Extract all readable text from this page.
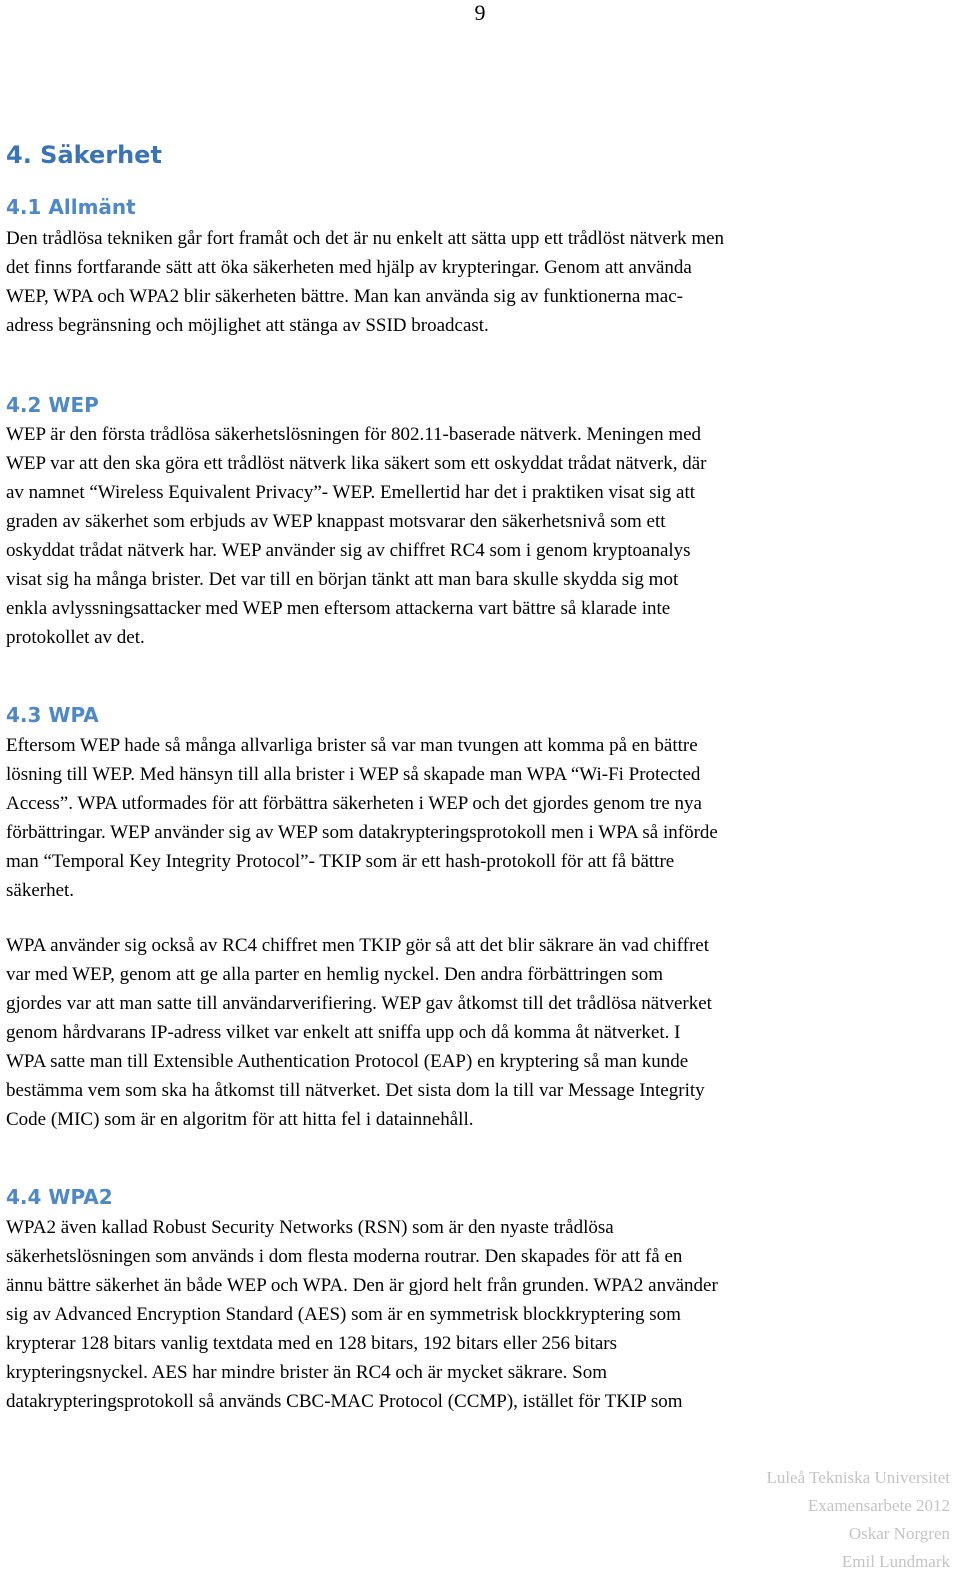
9
4. Säkerhet
4.1 Allmänt

Den trådlösa tekniken går fort framåt och det är nu enkelt att sätta upp ett trådlöst nätverk men
det finns fortfarande sätt att öka säkerheten med hjälp av krypteringar. Genom att använda
WEP, WPA och WPA2 blir säkerheten bättre. Man kan använda sig av funktionerna mac-
adress begränsning och möjlighet att stänga av SSID broadcast.

4.2 WEP

WEP är den första trådlösa säkerhetslösningen för 802.11-baserade nätverk. Meningen med
WEP var att den ska göra ett trådlöst nätverk lika säkert som ett oskyddat trådat nätverk, där
av namnet “Wireless Equivalent Privacy”- WEP. Emellertid har det i praktiken visat sig att
graden av säkerhet som erbjuds av WEP knappast motsvarar den säkerhetsnivå som ett
oskyddat trådat nätverk har. WEP använder sig av chiffret RC4 som i genom kryptoanalys
visat sig ha många brister. Det var till en början tänkt att man bara skulle skydda sig mot
enkla avlyssningsattacker med WEP men eftersom attackerna vart bättre så klarade inte
protokollet av det.

4.3 WPA

Eftersom WEP hade så många allvarliga brister så var man tvungen att komma på en bättre
lösning till WEP. Med hänsyn till alla brister i WEP så skapade man WPA “Wi-Fi Protected
Access”. WPA utformades för att förbättra säkerheten i WEP och det gjordes genom tre nya
förbättringar. WEP använder sig av WEP som datakrypteringsprotokoll men i WPA så införde
man “Temporal Key Integrity Protocol”- TKIP som är ett hash-protokoll för att få bättre
säkerhet.

WPA använder sig också av RC4 chiffret men TKIP gör så att det blir säkrare än vad chiffret
var med WEP, genom att ge alla parter en hemlig nyckel. Den andra förbättringen som
gjordes var att man satte till användarverifiering. WEP gav åtkomst till det trådlösa nätverket
genom hårdvarans IP-adress vilket var enkelt att sniffa upp och då komma åt nätverket. I
WPA satte man till Extensible Authentication Protocol (EAP) en kryptering så man kunde
bestämma vem som ska ha åtkomst till nätverket. Det sista dom la till var Message Integrity
Code (MIC) som är en algoritm för att hitta fel i datainnehåll.

4.4 WPA2

WPA2 även kallad Robust Security Networks (RSN) som är den nyaste trådlösa
säkerhetslösningen som används i dom flesta moderna routrar. Den skapades för att få en
ännu bättre säkerhet än både WEP och WPA. Den är gjord helt från grunden. WPA2 använder
sig av Advanced Encryption Standard (AES) som är en symmetrisk blockkryptering som
krypterar 128 bitars vanlig textdata med en 128 bitars, 192 bitars eller 256 bitars
krypteringsnyckel. AES har mindre brister än RC4 och är mycket säkrare. Som
datakrypteringsprotokoll så används CBC-MAC Protocol (CCMP), istället för TKIP som

Luleå Tekniska Universitet
Examensarbete 2012
Oskar Norgren
Emil Lundmark
